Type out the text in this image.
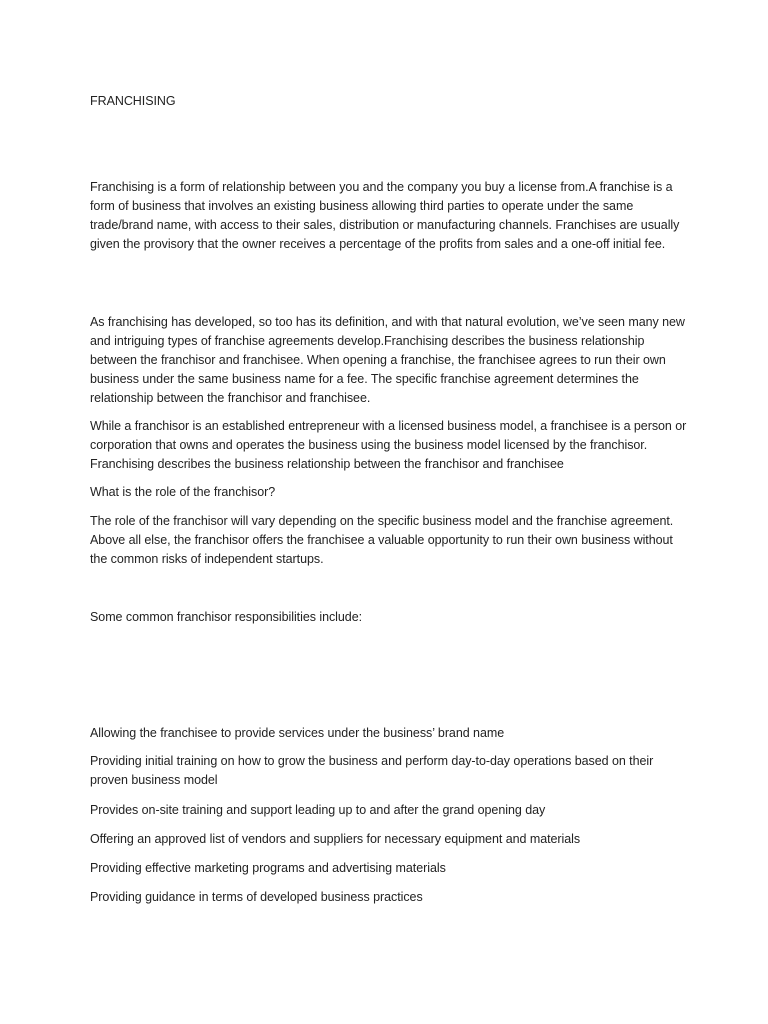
FRANCHISING

Franchising is a form of relationship between you and the company you buy a license from.A franchise is a form of business that involves an existing business allowing third parties to operate under the same trade/brand name, with access to their sales, distribution or manufacturing channels. Franchises are usually given the provisory that the owner receives a percentage of the profits from sales and a one-off initial fee.

As franchising has developed, so too has its definition, and with that natural evolution, we’ve seen many new and intriguing types of franchise agreements develop.Franchising describes the business relationship between the franchisor and franchisee. When opening a franchise, the franchisee agrees to run their own business under the same business name for a fee. The specific franchise agreement determines the relationship between the franchisor and franchisee.

While a franchisor is an established entrepreneur with a licensed business model, a franchisee is a person or corporation that owns and operates the business using the business model licensed by the franchisor. Franchising describes the business relationship between the franchisor and franchisee

What is the role of the franchisor?

The role of the franchisor will vary depending on the specific business model and the franchise agreement. Above all else, the franchisor offers the franchisee a valuable opportunity to run their own business without the common risks of independent startups.

Some common franchisor responsibilities include:

Allowing the franchisee to provide services under the business’ brand name

Providing initial training on how to grow the business and perform day-to-day operations based on their proven business model

Provides on-site training and support leading up to and after the grand opening day

Offering an approved list of vendors and suppliers for necessary equipment and materials

Providing effective marketing programs and advertising materials

Providing guidance in terms of developed business practices
